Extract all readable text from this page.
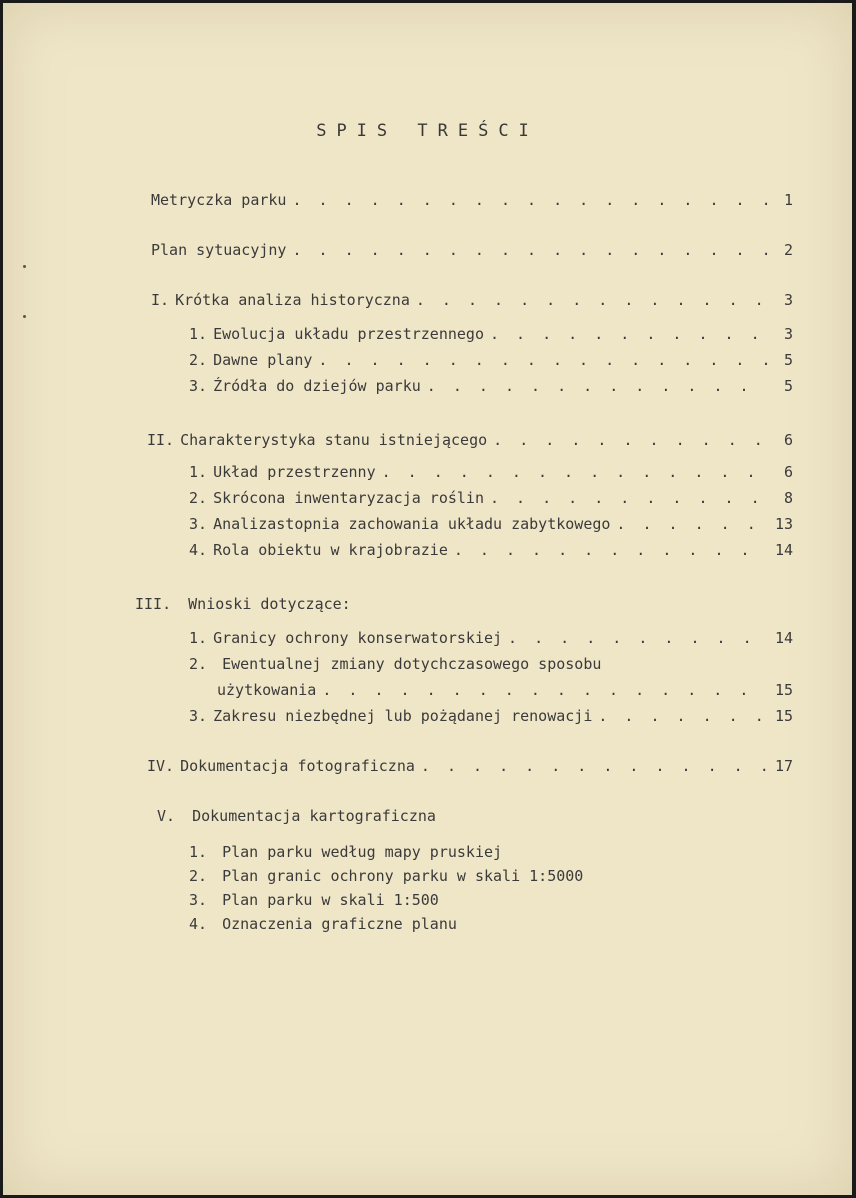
SPIS TREŚCI
Metryczka parku . . .	1
Plan sytuacyjny . . .	2
I. Krótka analiza historyczna . . .	3
1. Ewolucja układu przestrzennego . . .	3
2. Dawne plany . . .	5
3. Źródła do dziejów parku . . .	5
II. Charakterystyka stanu istniejącego . . .	6
1. Układ przestrzenny . . .	6
2. Skrócona inwentaryzacja roślin . . .	8
3. Analizastopnia zachowania układu zabytkowego . . .	13
4. Rola obiektu w krajobrazie . . .	14
III. Wnioski dotyczące:
1. Granicy ochrony konserwatorskiej . . .	14
2. Ewentualnej zmiany dotychczasowego sposobu
użytkowania . . .	15
3. Zakresu niezbędnej lub pożądanej renowacji . . .	15
IV. Dokumentacja fotograficzna . . .	17
V. Dokumentacja kartograficzna
1. Plan parku według mapy pruskiej
2. Plan granic ochrony parku w skali 1:5000
3. Plan parku w skali 1:500
4. Oznaczenia graficzne planu
